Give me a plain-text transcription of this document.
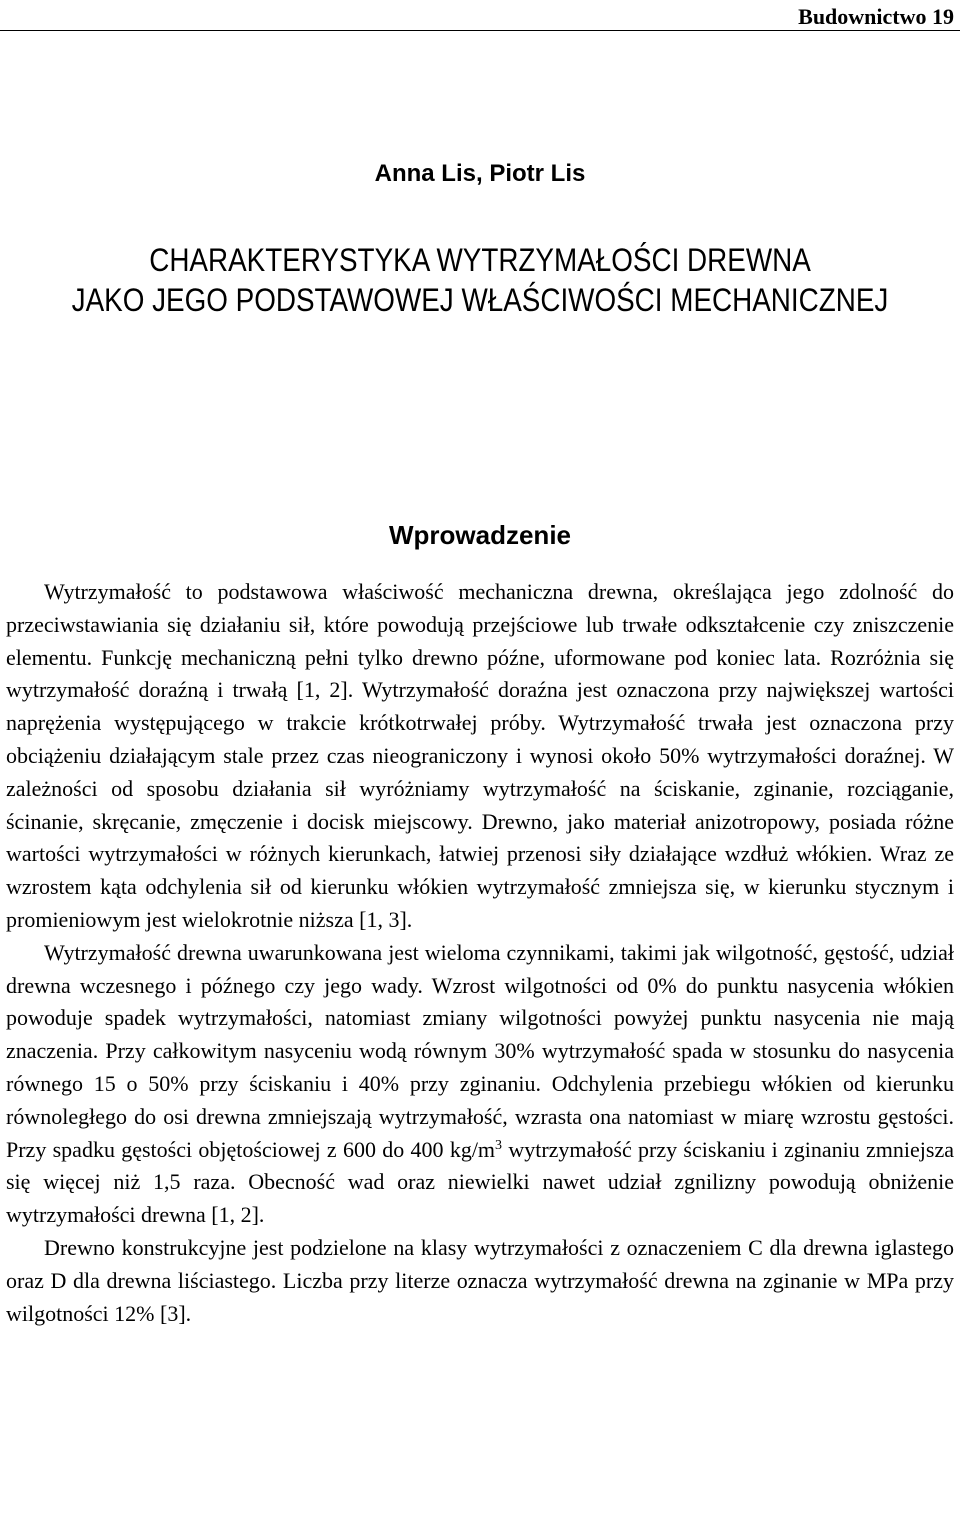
Budownictwo 19
Anna Lis, Piotr Lis
CHARAKTERYSTYKA WYTRZYMAŁOŚCI DREWNA
JAKO JEGO PODSTAWOWEJ WŁAŚCIWOŚCI MECHANICZNEJ
Wprowadzenie

Wytrzymałość to podstawowa właściwość mechaniczna drewna, określająca jego zdolność do przeciwstawiania się działaniu sił, które powodują przejściowe lub trwałe odkształcenie czy zniszczenie elementu. Funkcję mechaniczną pełni tylko drewno późne, uformowane pod koniec lata. Rozróżnia się wytrzymałość doraźną i trwałą [1, 2]. Wytrzymałość doraźna jest oznaczona przy największej wartości naprężenia występującego w trakcie krótkotrwałej próby. Wytrzymałość trwała jest oznaczona przy obciążeniu działającym stale przez czas nieograniczony i wynosi około 50% wytrzymałości doraźnej. W zależności od sposobu działania sił wyróżniamy wytrzymałość na ściskanie, zginanie, rozciąganie, ścinanie, skręcanie, zmęczenie i docisk miejscowy. Drewno, jako materiał anizotropowy, posiada różne wartości wytrzymałości w różnych kierunkach, łatwiej przenosi siły działające wzdłuż włókien. Wraz ze wzrostem kąta odchylenia sił od kierunku włókien wytrzymałość zmniejsza się, w kierunku stycznym i promieniowym jest wielokrotnie niższa [1, 3].

Wytrzymałość drewna uwarunkowana jest wieloma czynnikami, takimi jak wilgotność, gęstość, udział drewna wczesnego i późnego czy jego wady. Wzrost wilgotności od 0% do punktu nasycenia włókien powoduje spadek wytrzymałości, natomiast zmiany wilgotności powyżej punktu nasycenia nie mają znaczenia. Przy całkowitym nasyceniu wodą równym 30% wytrzymałość spada w stosunku do nasycenia równego 15 o 50% przy ściskaniu i 40% przy zginaniu. Odchylenia przebiegu włókien od kierunku równoległego do osi drewna zmniejszają wytrzymałość, wzrasta ona natomiast w miarę wzrostu gęstości. Przy spadku gęstości objętościowej z 600 do 400 $kg/m^3$ wytrzymałość przy ściskaniu i zginaniu zmniejsza się więcej niż 1,5 raza. Obecność wad oraz niewielki nawet udział zgnilizny powodują obniżenie wytrzymałości drewna [1, 2].

Drewno konstrukcyjne jest podzielone na klasy wytrzymałości z oznaczeniem C dla drewna iglastego oraz D dla drewna liściastego. Liczba przy literze oznacza wytrzymałość drewna na zginanie w MPa przy wilgotności 12% [3].
